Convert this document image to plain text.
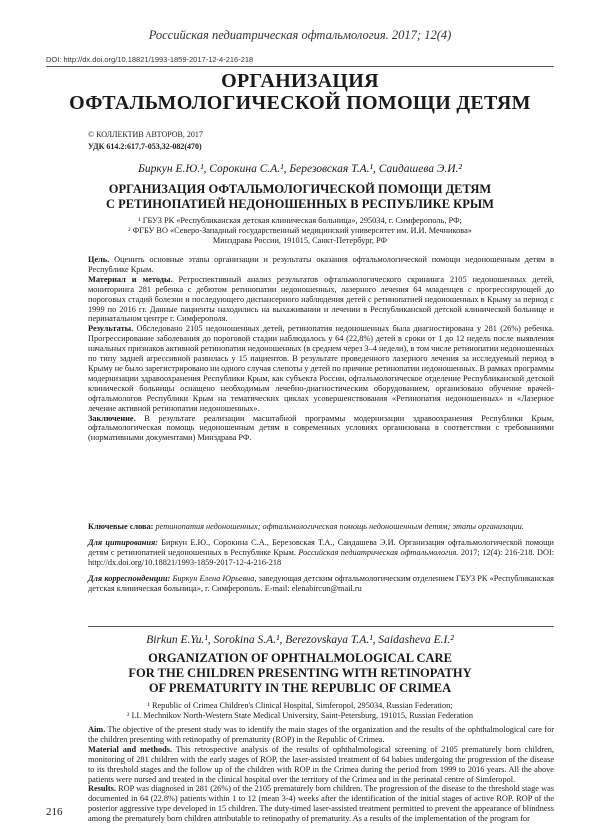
Российская педиатрическая офтальмология. 2017; 12(4)
DOI: http://dx.doi.org/10.18821/1993-1859-2017-12-4-216-218
ОРГАНИЗАЦИЯ
ОФТАЛЬМОЛОГИЧЕСКОЙ ПОМОЩИ ДЕТЯМ
© КОЛЛЕКТИВ АВТОРОВ, 2017
УДК 614.2:617,7-053,32-082(470)
Биркун Е.Ю.¹, Сорокина С.А.¹, Березовская Т.А.¹, Саидашева Э.И.²
ОРГАНИЗАЦИЯ ОФТАЛЬМОЛОГИЧЕСКОЙ ПОМОЩИ ДЕТЯМ
С РЕТИНОПАТИЕЙ НЕДОНОШЕННЫХ В РЕСПУБЛИКЕ КРЫМ
¹ ГБУЗ РК «Республиканская детская клиническая больница», 295034, г. Симферополь, РФ;
² ФГБУ ВО «Северо-Западный государственный медицинский университет им. И.И. Мечникова»
Минздрава России, 191015, Санкт-Петербург, РФ

Цель. Оценить основные этапы организации и результаты оказания офтальмологической помощи недоношенным детям в Республике Крым.

Материал и методы. Ретроспективный анализ результатов офтальмологического скрининга 2105 недоношенных детей, мониторинга 281 ребенка с дебютом ретинопатии недоношенных, лазерного лечения 64 младенцев с прогрессирующей до пороговых стадий болезни и последующего диспансерного наблюдения детей с ретинопатией недоношенных в Крыму за период с 1999 по 2016 гг. Данные пациенты находились на выхаживании и лечении в Республиканской детской клинической больнице и перинатальном центре г. Симферополя.

Результаты. Обследовано 2105 недоношенных детей, ретинопатия недоношенных была диагностирована у 281 (26%) ребенка. Прогрессирование заболевания до пороговой стадии наблюдалось у 64 (22,8%) детей в сроки от 1 до 12 недель после выявления начальных признаков активной ретинопатии недоношенных (в среднем через 3–4 недели), в том числе ретинопатии недоношенных по типу задней агрессивной развилась у 15 пациентов. В результате проведенного лазерного лечения за исследуемый период в Крыму не было зарегистрировано ни одного случая слепоты у детей по причине ретинопатии недоношенных. В рамках программы модернизации здравоохранения Республики Крым, как субъекта России, офтальмологическое отделение Республиканской детской клинической больницы оснащено необходимым лечебно-диагностическим оборудованием, организовано обучение врачей-офтальмологов Республики Крым на тематических циклах усовершенствования «Ретинопатия недоношенных» и «Лазерное лечение активной ретинопатии недоношенных».

Заключение. В результате реализации масштабной программы модернизации здравоохранения Республики Крым, офтальмологическая помощь недоношенным детям в современных условиях организована в соответствии с требованиями (нормативными документами) Минздрава РФ.

Ключевые слова: ретинопатия недоношенных; офтальмологическая помощь недоношенным детям; этапы организации.

Для цитирования: Биркун Е.Ю., Сорокина С.А., Березовская Т.А., Саидашева Э.И. Организация офтальмологической помощи детям с ретинопатией недоношенных в Республике Крым. Российская педиатрическая офтальмология. 2017; 12(4): 216-218. DOI: http://dx.doi.org/10.18821/1993-1859-2017-12-4-216-218

Для корреспонденции: Биркун Елена Юрьевна, заведующая детским офтальмологическим отделением ГБУЗ РК «Республиканская детская клиническая больница», г. Симферополь. E-mail: elenabircun@mail.ru

Birkun E.Yu.¹, Sorokina S.A.¹, Berezovskaya T.A.¹, Saidasheva E.I.²
ORGANIZATION OF OPHTHALMOLOGICAL CARE
FOR THE CHILDREN PRESENTING WITH RETINOPATHY
OF PREMATURITY IN THE REPUBLIC OF CRIMEA
¹ Republic of Crimea Children's Clinical Hospital, Simferopol, 295034, Russian Federation;
² I.I. Mechnikov North-Western State Medical University, Saint-Petersburg, 191015, Russian Federation

Aim. The objective of the present study was to identify the main stages of the organization and the results of the ophthalmological care for the children presenting with retinopathy of prematurity (ROP) in the Republic of Crimea.

Material and methods. This retrospective analysis of the results of ophthalmological screening of 2105 prematurely born children, monitoring of 281 children with the early stages of ROP, the laser-assisted treatment of 64 babies undergoing the progression of the disease to its threshold stages and the follow up of the children with ROP in the Crimea during the period from 1999 to 2016 years. All the above patients were nursed and treated in the clinical hospital over the territory of the Crimea and in the perinatal centre of Simferopol.

Results. ROP was diagnosed in 281 (26%) of the 2105 prematurely born children. The progression of the disease to the threshold stage was documented in 64 (22.8%) patients within 1 to 12 (mean 3-4) weeks after the identification of the initial stages of active ROP. ROP of the posterior aggressive type developed in 15 children. The duty-timed laser-assisted treatment permitted to prevent the appearance of blindness among the prematurely born children attributable to retinopathy of prematurity. As a results of the implementation of the program for

216
